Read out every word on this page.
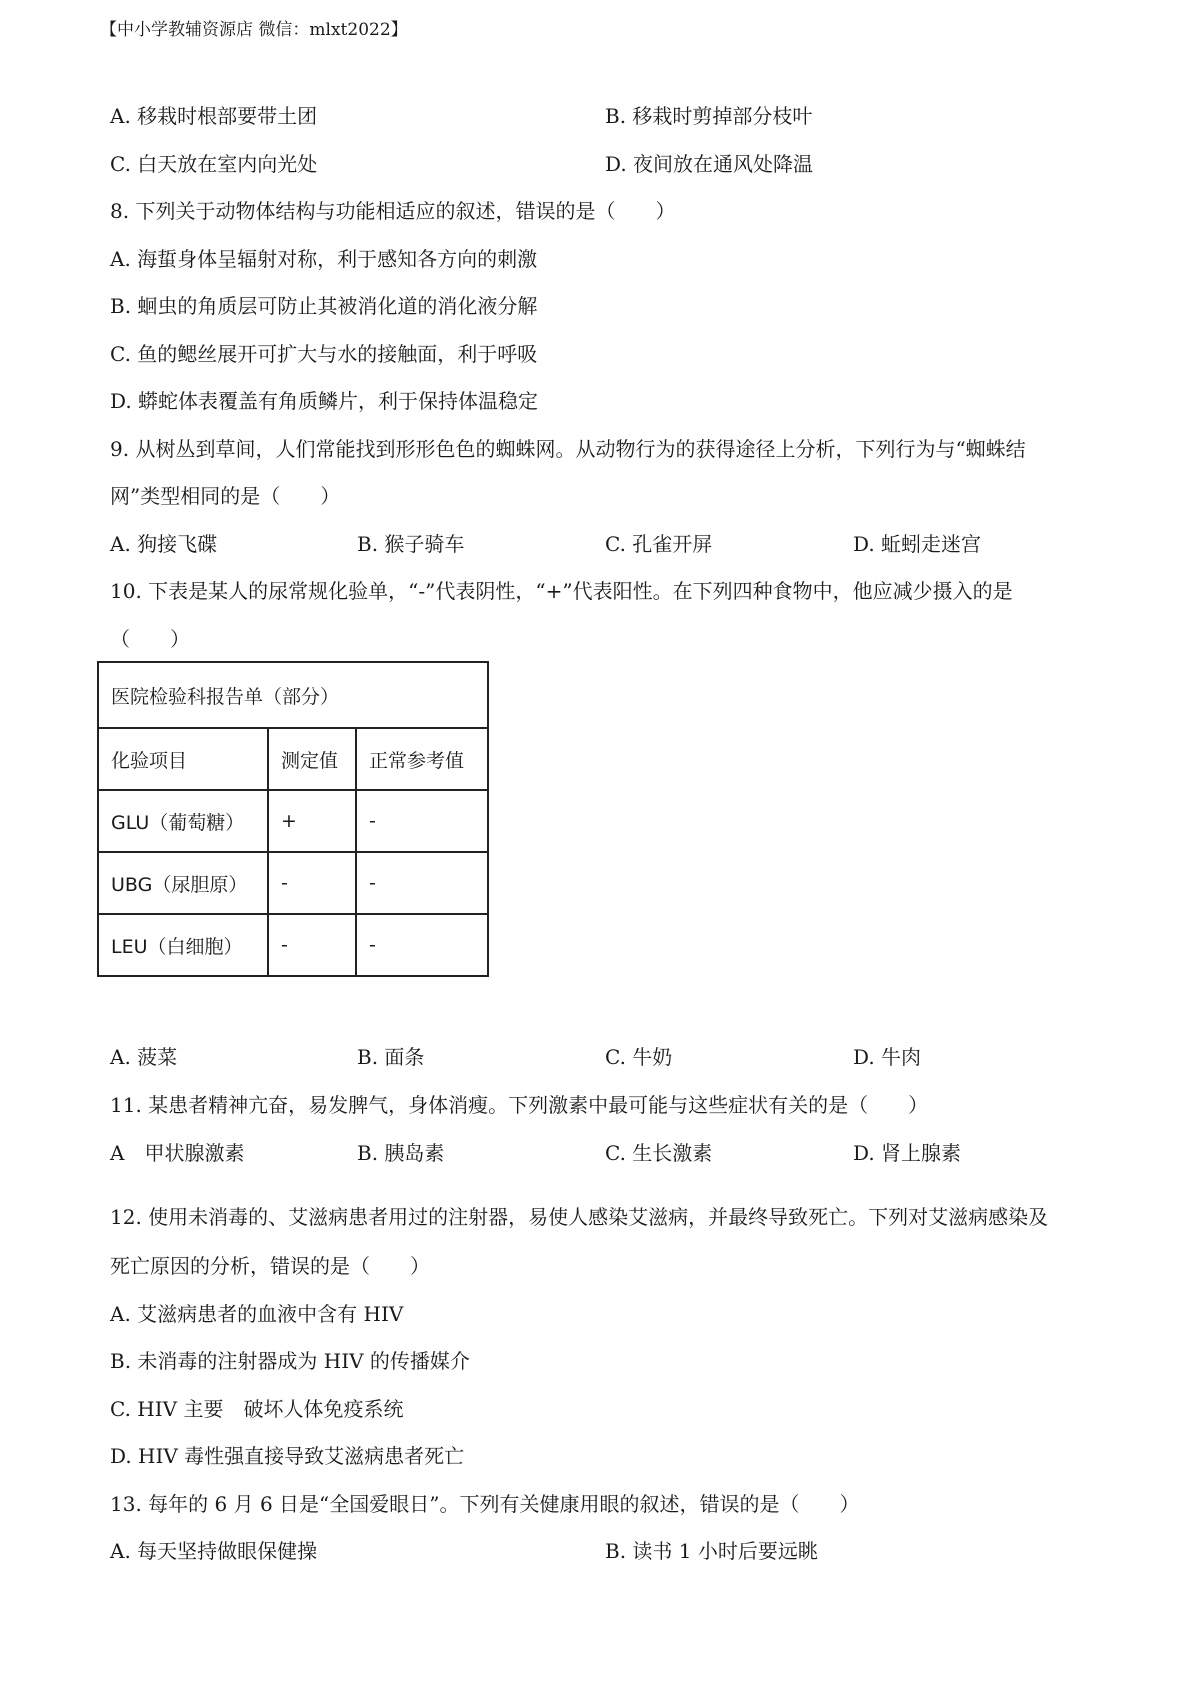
【中小学教辅资源店 微信：mlxt2022】
A. 移栽时根部要带土团	B. 移栽时剪掉部分枝叶
C. 白天放在室内向光处	D. 夜间放在通风处降温
8. 下列关于动物体结构与功能相适应的叙述，错误的是（　　）
A. 海蜇身体呈辐射对称，利于感知各方向的刺激
B. 蛔虫的角质层可防止其被消化道的消化液分解
C. 鱼的鳃丝展开可扩大与水的接触面，利于呼吸
D. 蟒蛇体表覆盖有角质鳞片，利于保持体温稳定
9. 从树丛到草间，人们常能找到形形色色的蜘蛛网。从动物行为的获得途径上分析，下列行为与“蜘蛛结
网”类型相同的是（　　）
A. 狗接飞碟	B. 猴子骑车	C. 孔雀开屏	D. 蚯蚓走迷宫
10. 下表是某人的尿常规化验单，“-”代表阴性，“+”代表阳性。在下列四种食物中，他应减少摄入的是
（　　）
医院检验科报告单（部分）		
化验项目	测定值	正常参考值
GLU（葡萄糖）	+	-
UBG（尿胆原）	-	-
LEU（白细胞）	-	-
A. 菠菜	B. 面条	C. 牛奶	D. 牛肉
11. 某患者精神亢奋，易发脾气，身体消瘦。下列激素中最可能与这些症状有关的是（　　）
A　甲状腺激素	B. 胰岛素	C. 生长激素	D. 肾上腺素
12. 使用未消毒的、艾滋病患者用过的注射器，易使人感染艾滋病，并最终导致死亡。下列对艾滋病感染及
死亡原因的分析，错误的是（　　）
A. 艾滋病患者的血液中含有 HIV
B. 未消毒的注射器成为 HIV 的传播媒介
C. HIV 主要　破坏人体免疫系统
D. HIV 毒性强直接导致艾滋病患者死亡
13. 每年的 6 月 6 日是“全国爱眼日”。下列有关健康用眼的叙述，错误的是（　　）
A. 每天坚持做眼保健操	B. 读书 1 小时后要远眺
